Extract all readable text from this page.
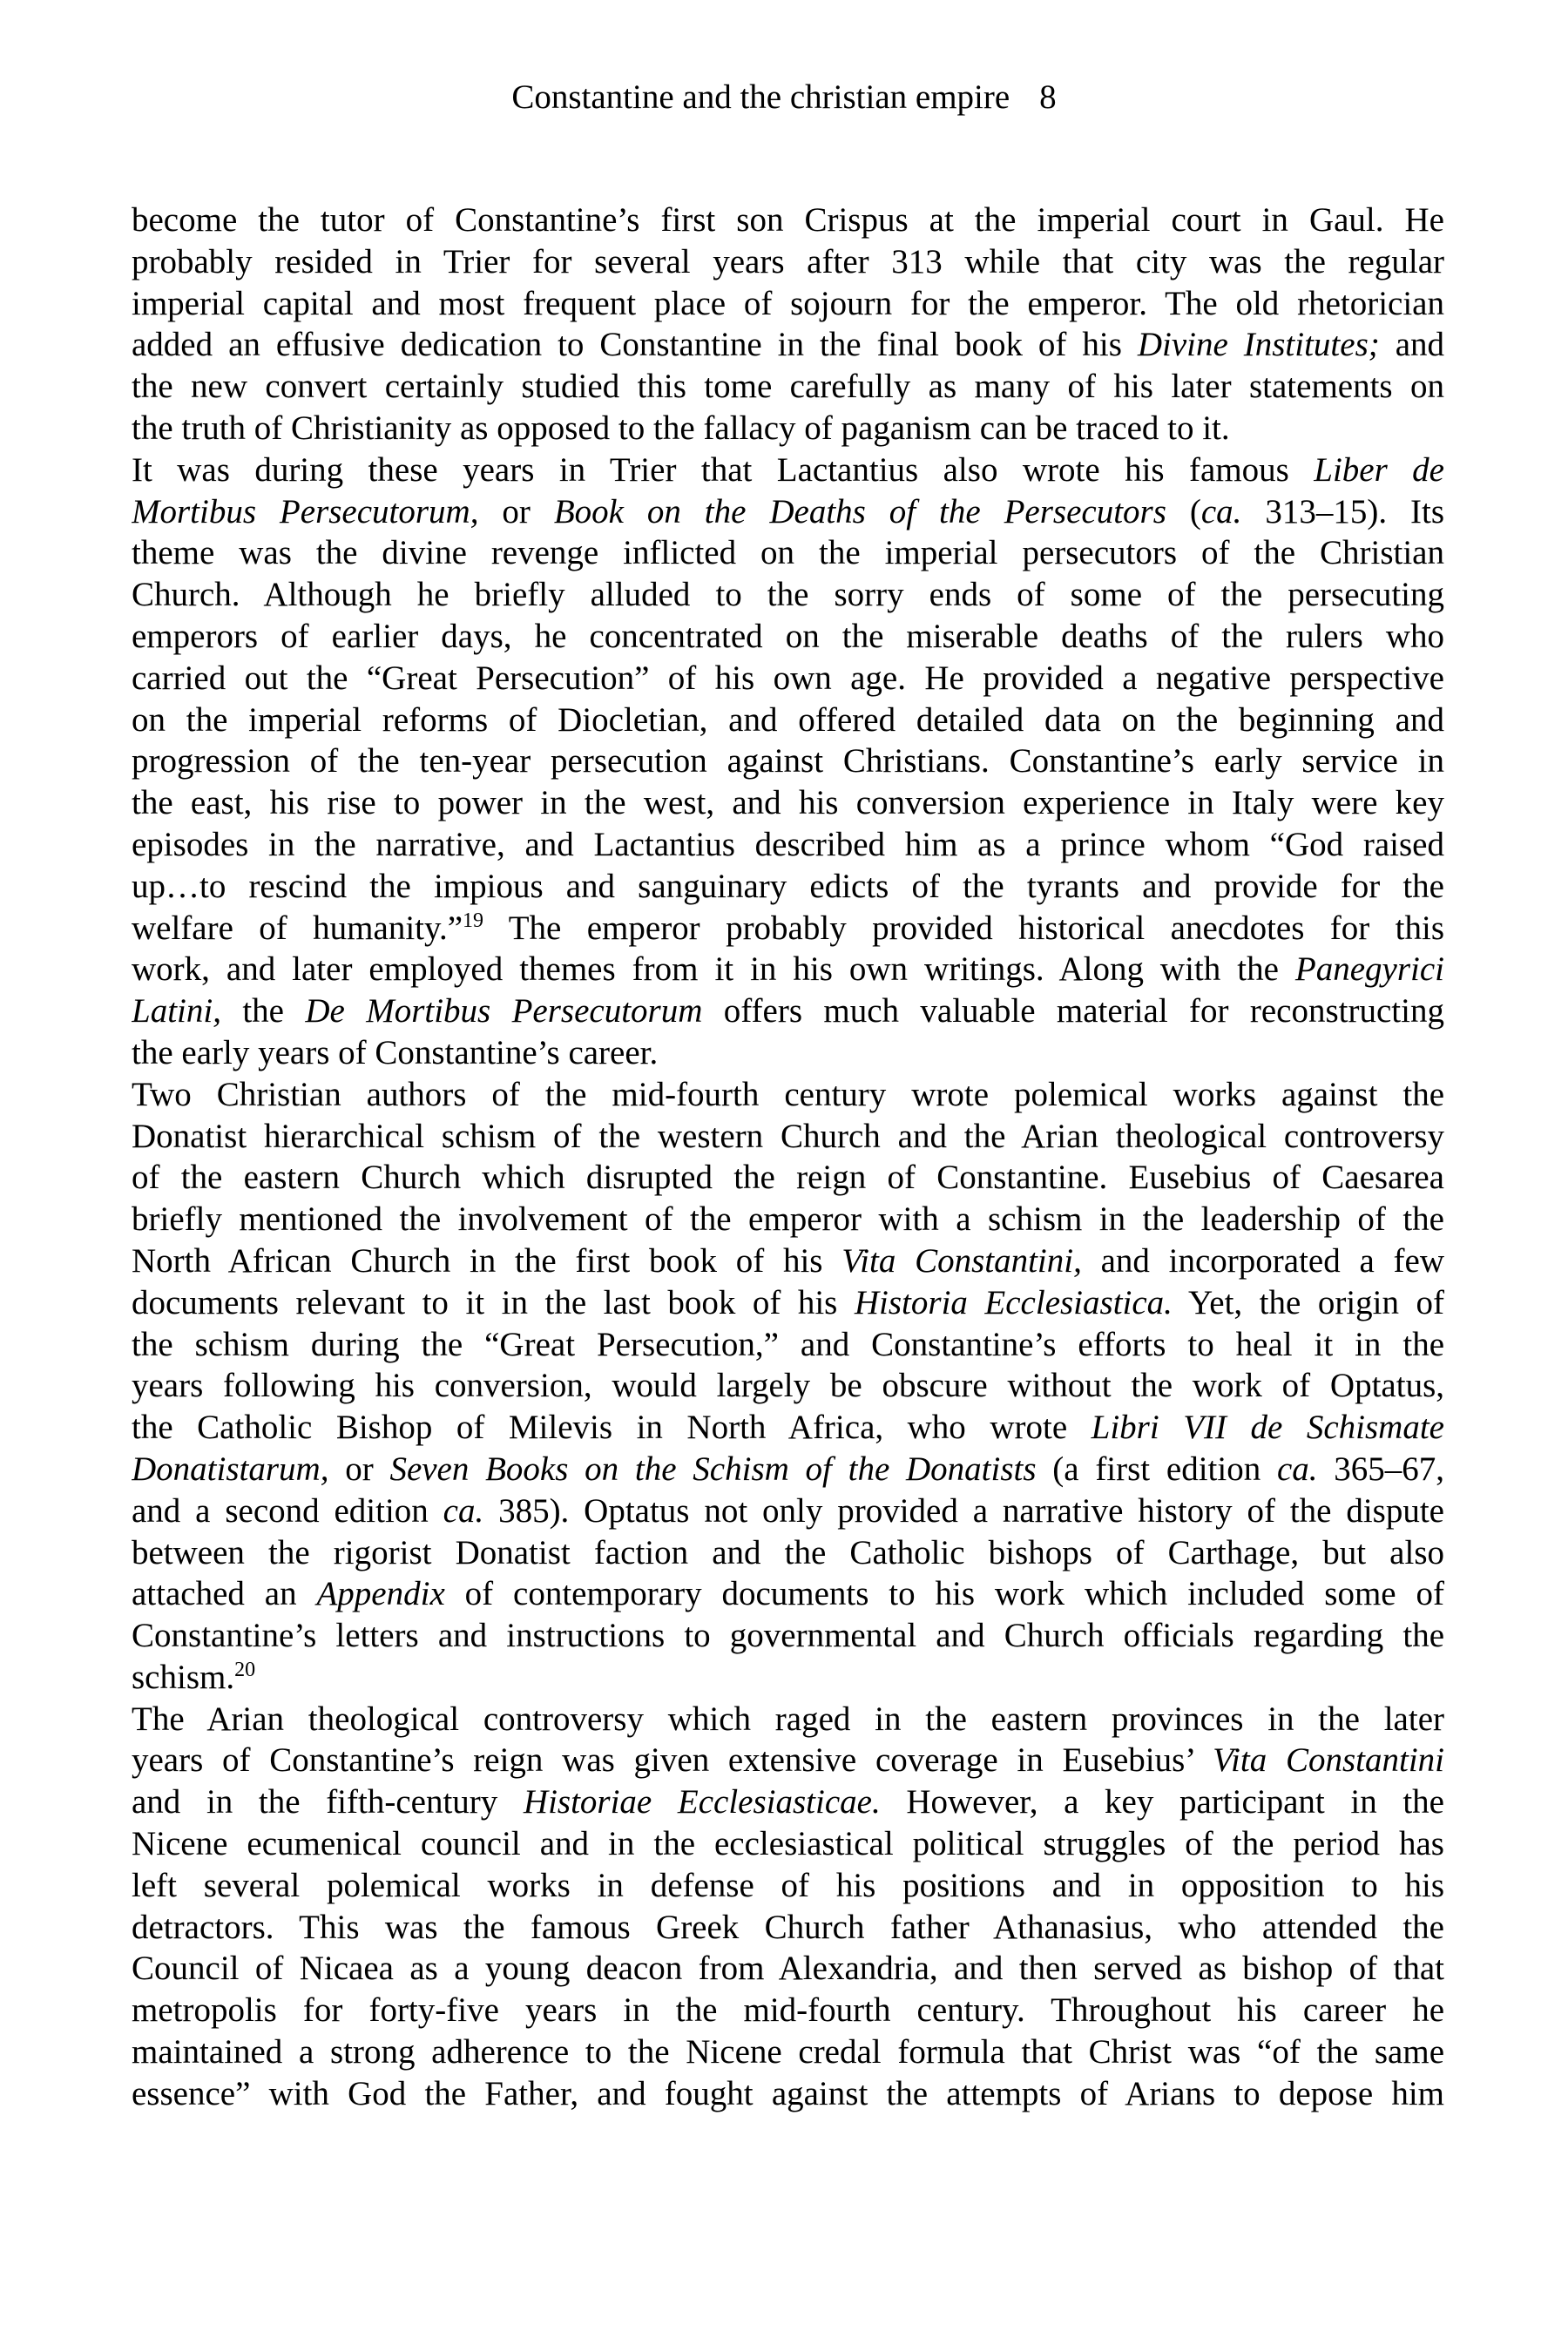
Constantine and the christian empire 8
become the tutor of Constantine’s first son Crispus at the imperial court in Gaul. He
probably resided in Trier for several years after 313 while that city was the regular
imperial capital and most frequent place of sojourn for the emperor. The old rhetorician
added an effusive dedication to Constantine in the final book of his Divine Institutes; and
the new convert certainly studied this tome carefully as many of his later statements on
the truth of Christianity as opposed to the fallacy of paganism can be traced to it.
It was during these years in Trier that Lactantius also wrote his famous Liber de
Mortibus Persecutorum, or Book on the Deaths of the Persecutors (ca. 313–15). Its
theme was the divine revenge inflicted on the imperial persecutors of the Christian
Church. Although he briefly alluded to the sorry ends of some of the persecuting
emperors of earlier days, he concentrated on the miserable deaths of the rulers who
carried out the “Great Persecution” of his own age. He provided a negative perspective
on the imperial reforms of Diocletian, and offered detailed data on the beginning and
progression of the ten-year persecution against Christians. Constantine’s early service in
the east, his rise to power in the west, and his conversion experience in Italy were key
episodes in the narrative, and Lactantius described him as a prince whom “God raised
up…to rescind the impious and sanguinary edicts of the tyrants and provide for the
welfare of humanity.”$^{19}$ The emperor probably provided historical anecdotes for this
work, and later employed themes from it in his own writings. Along with the Panegyrici
Latini, the De Mortibus Persecutorum offers much valuable material for reconstructing
the early years of Constantine’s career.
Two Christian authors of the mid-fourth century wrote polemical works against the
Donatist hierarchical schism of the western Church and the Arian theological controversy
of the eastern Church which disrupted the reign of Constantine. Eusebius of Caesarea
briefly mentioned the involvement of the emperor with a schism in the leadership of the
North African Church in the first book of his Vita Constantini, and incorporated a few
documents relevant to it in the last book of his Historia Ecclesiastica. Yet, the origin of
the schism during the “Great Persecution,” and Constantine’s efforts to heal it in the
years following his conversion, would largely be obscure without the work of Optatus,
the Catholic Bishop of Milevis in North Africa, who wrote Libri VII de Schismate
Donatistarum, or Seven Books on the Schism of the Donatists (a first edition ca. 365–67,
and a second edition ca. 385). Optatus not only provided a narrative history of the dispute
between the rigorist Donatist faction and the Catholic bishops of Carthage, but also
attached an Appendix of contemporary documents to his work which included some of
Constantine’s letters and instructions to governmental and Church officials regarding the
schism.$^{20}$
The Arian theological controversy which raged in the eastern provinces in the later
years of Constantine’s reign was given extensive coverage in Eusebius’ Vita Constantini
and in the fifth-century Historiae Ecclesiasticae. However, a key participant in the
Nicene ecumenical council and in the ecclesiastical political struggles of the period has
left several polemical works in defense of his positions and in opposition to his
detractors. This was the famous Greek Church father Athanasius, who attended the
Council of Nicaea as a young deacon from Alexandria, and then served as bishop of that
metropolis for forty-five years in the mid-fourth century. Throughout his career he
maintained a strong adherence to the Nicene credal formula that Christ was “of the same
essence” with God the Father, and fought against the attempts of Arians to depose him
